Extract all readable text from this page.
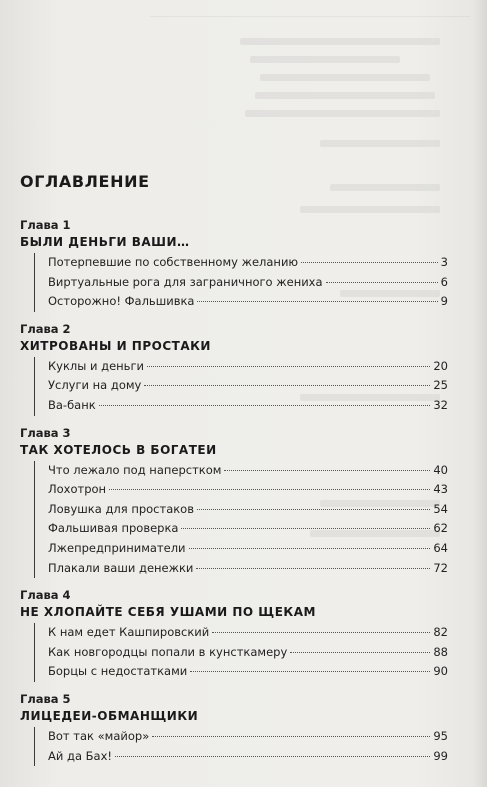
ОГЛАВЛЕНИЕ
Глава 1
БЫЛИ ДЕНЬГИ ВАШИ…
Потерпевшие по собственному желанию	3
Виртуальные рога для заграничного жениха	6
Осторожно! Фальшивка	9
Глава 2
ХИТРОВАНЫ И ПРОСТАКИ
Куклы и деньги	20
Услуги на дому	25
Ва-банк	32
Глава 3
ТАК ХОТЕЛОСЬ В БОГАТЕИ
Что лежало под наперстком	40
Лохотрон	43
Ловушка для простаков	54
Фальшивая проверка	62
Лжепредприниматели	64
Плакали ваши денежки	72
Глава 4
НЕ ХЛОПАЙТЕ СЕБЯ УШАМИ ПО ЩЕКАМ
К нам едет Кашпировский	82
Как новгородцы попали в кунсткамеру	88
Борцы с недостатками	90
Глава 5
ЛИЦЕДЕИ-ОБМАНЩИКИ
Вот так «майор»	95
Ай да Бах!	99
